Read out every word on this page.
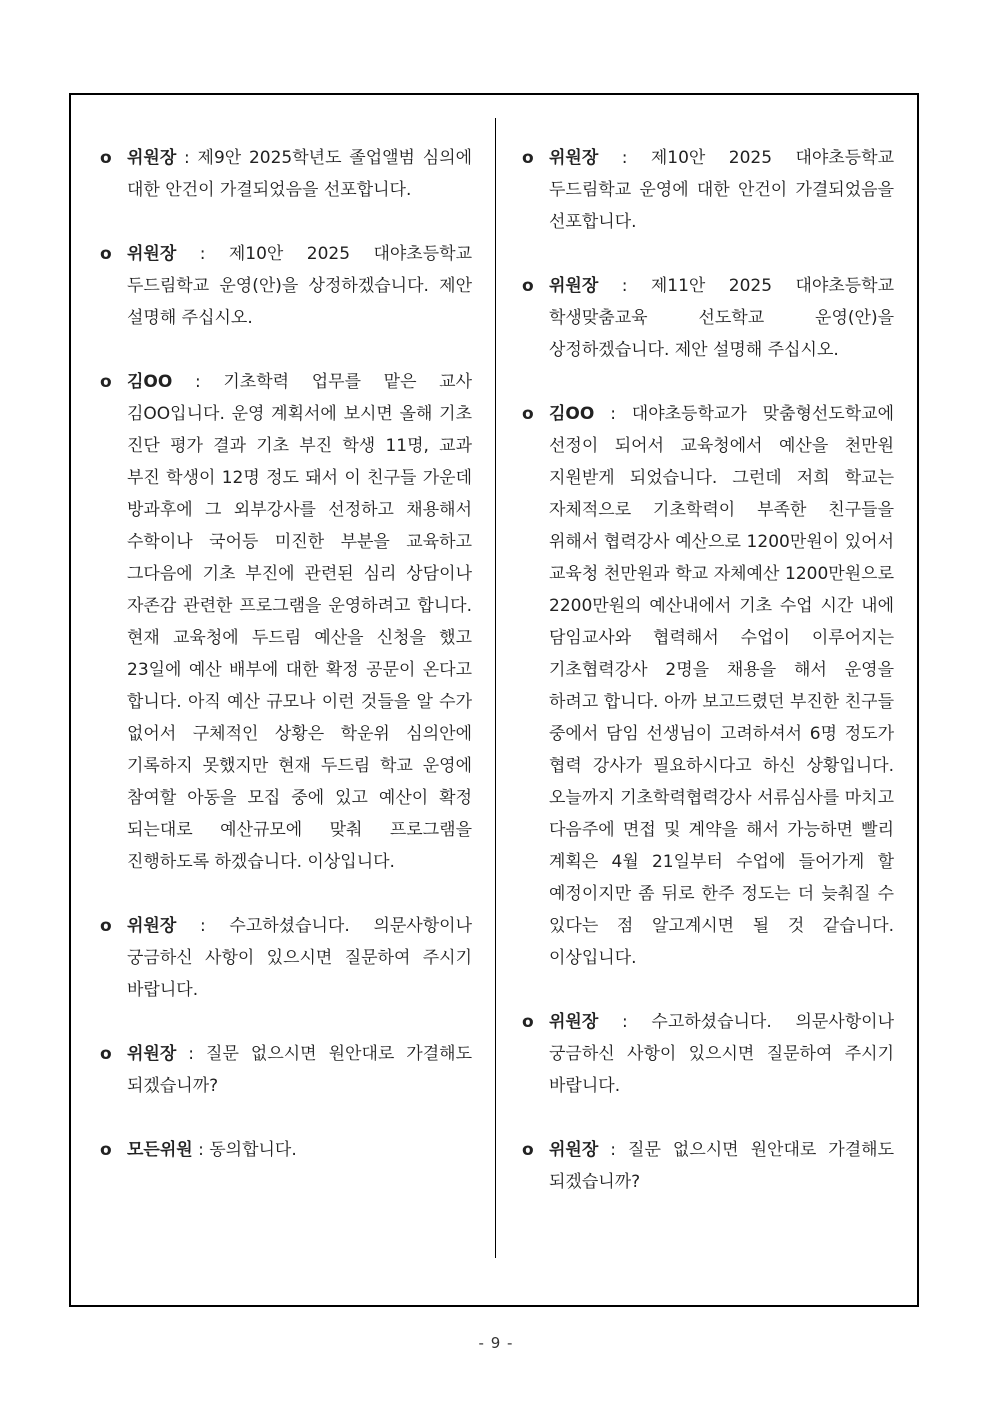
o 위원장 : 제9안 2025학년도 졸업앨범 심의에 대한 안건이 가결되었음을 선포합니다.

o 위원장 : 제10안 2025 대야초등학교 두드림학교 운영(안)을 상정하겠습니다. 제안 설명해 주십시오.

o 김OO : 기초학력 업무를 맡은 교사 김OO입니다. 운영 계획서에 보시면 올해 기초 진단 평가 결과 기초 부진 학생 11명, 교과 부진 학생이 12명 정도 돼서 이 친구들 가운데 방과후에 그 외부강사를 선정하고 채용해서 수학이나 국어등 미진한 부분을 교육하고 그다음에 기초 부진에 관련된 심리 상담이나 자존감 관련한 프로그램을 운영하려고 합니다. 현재 교육청에 두드림 예산을 신청을 했고 23일에 예산 배부에 대한 확정 공문이 온다고 합니다. 아직 예산 규모나 이런 것들을 알 수가 없어서 구체적인 상황은 학운위 심의안에 기록하지 못했지만 현재 두드림 학교 운영에 참여할 아동을 모집 중에 있고 예산이 확정 되는대로 예산규모에 맞춰 프로그램을 진행하도록 하겠습니다. 이상입니다.

o 위원장 : 수고하셨습니다. 의문사항이나 궁금하신 사항이 있으시면 질문하여 주시기 바랍니다.

o 위원장 : 질문 없으시면 원안대로 가결해도 되겠습니까?

o 모든위원 : 동의합니다.

o 위원장 : 제10안 2025 대야초등학교 두드림학교 운영에 대한 안건이 가결되었음을 선포합니다.

o 위원장 : 제11안 2025 대야초등학교 학생맞춤교육 선도학교 운영(안)을 상정하겠습니다. 제안 설명해 주십시오.

o 김OO : 대야초등학교가 맞춤형선도학교에 선정이 되어서 교육청에서 예산을 천만원 지원받게 되었습니다. 그런데 저희 학교는 자체적으로 기초학력이 부족한 친구들을 위해서 협력강사 예산으로 1200만원이 있어서 교육청 천만원과 학교 자체예산 1200만원으로 2200만원의 예산내에서 기초 수업 시간 내에 담임교사와 협력해서 수업이 이루어지는 기초협력강사 2명을 채용을 해서 운영을 하려고 합니다. 아까 보고드렸던 부진한 친구들 중에서 담임 선생님이 고려하셔서 6명 정도가 협력 강사가 필요하시다고 하신 상황입니다. 오늘까지 기초학력협력강사 서류심사를 마치고 다음주에 면접 및 계약을 해서 가능하면 빨리 계획은 4월 21일부터 수업에 들어가게 할 예정이지만 좀 뒤로 한주 정도는 더 늦춰질 수 있다는 점 알고계시면 될 것 같습니다. 이상입니다.

o 위원장 : 수고하셨습니다. 의문사항이나 궁금하신 사항이 있으시면 질문하여 주시기 바랍니다.

o 위원장 : 질문 없으시면 원안대로 가결해도 되겠습니까?

- 9 -
